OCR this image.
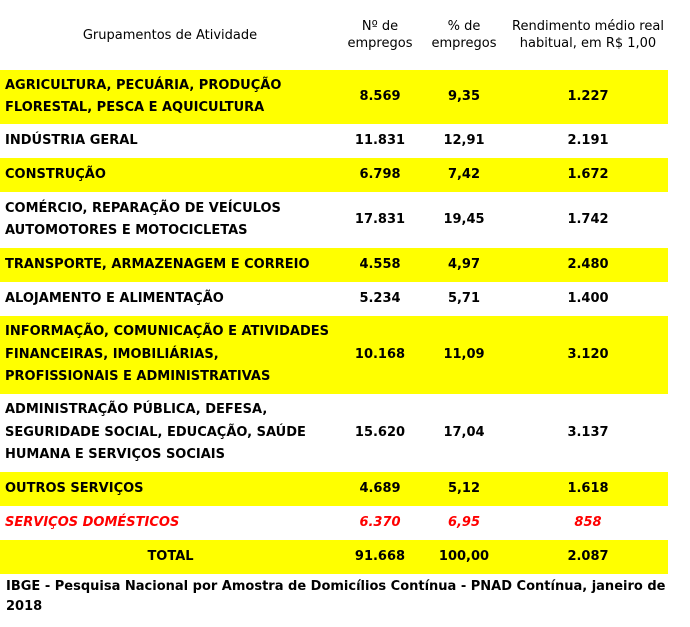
Grupamentos de Atividade	Nº de empregos	% de empregos	Rendimento médio real habitual, em R$ 1,00
AGRICULTURA, PECUÁRIA, PRODUÇÃO FLORESTAL, PESCA E AQUICULTURA	8.569	9,35	1.227
INDÚSTRIA GERAL	11.831	12,91	2.191
CONSTRUÇÃO	6.798	7,42	1.672
COMÉRCIO, REPARAÇÃO DE VEÍCULOS AUTOMOTORES E MOTOCICLETAS	17.831	19,45	1.742
TRANSPORTE, ARMAZENAGEM E CORREIO	4.558	4,97	2.480
ALOJAMENTO E ALIMENTAÇÃO	5.234	5,71	1.400
INFORMAÇÃO, COMUNICAÇÃO E ATIVIDADES FINANCEIRAS, IMOBILIÁRIAS, PROFISSIONAIS E ADMINISTRATIVAS	10.168	11,09	3.120
ADMINISTRAÇÃO PÚBLICA, DEFESA, SEGURIDADE SOCIAL, EDUCAÇÃO, SAÚDE HUMANA E SERVIÇOS SOCIAIS	15.620	17,04	3.137
OUTROS SERVIÇOS	4.689	5,12	1.618
SERVIÇOS DOMÉSTICOS	6.370	6,95	858
TOTAL	91.668	100,00	2.087
IBGE - Pesquisa Nacional por Amostra de Domicílios Contínua - PNAD Contínua, janeiro de 2018
